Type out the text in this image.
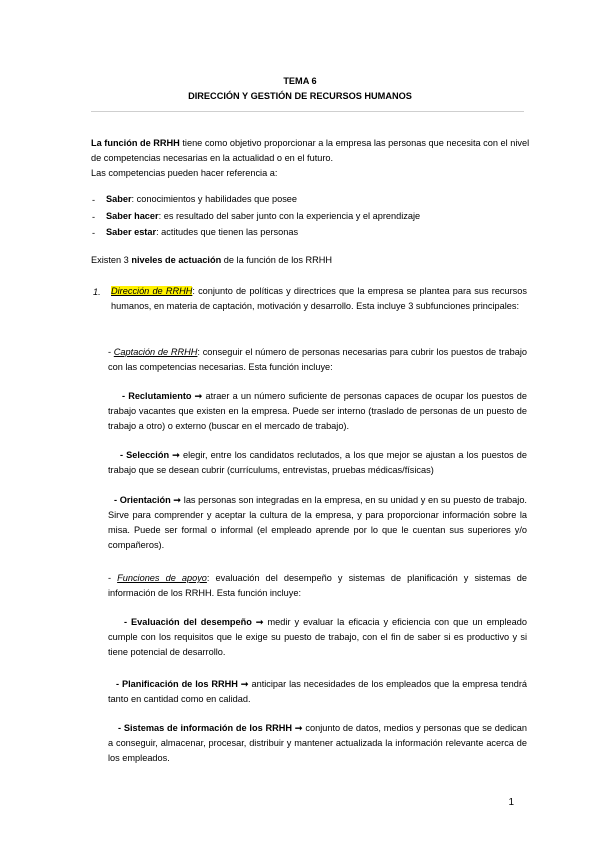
TEMA 6
DIRECCIÓN Y GESTIÓN DE RECURSOS HUMANOS
La función de RRHH tiene como objetivo proporcionar a la empresa las personas que necesita con el nivel de competencias necesarias en la actualidad o en el futuro.
Las competencias pueden hacer referencia a:
- Saber: conocimientos y habilidades que posee
- Saber hacer: es resultado del saber junto con la experiencia y el aprendizaje
- Saber estar: actitudes que tienen las personas
Existen 3 niveles de actuación de la función de los RRHH
1. Dirección de RRHH: conjunto de políticas y directrices que la empresa se plantea para sus recursos humanos, en materia de captación, motivación y desarrollo. Esta incluye 3 subfunciones principales:
- Captación de RRHH: conseguir el número de personas necesarias para cubrir los puestos de trabajo con las competencias necesarias. Esta función incluye:
- Reclutamiento ➞ atraer a un número suficiente de personas capaces de ocupar los puestos de trabajo vacantes que existen en la empresa. Puede ser interno (traslado de personas de un puesto de trabajo a otro) o externo (buscar en el mercado de trabajo).
- Selección ➞ elegir, entre los candidatos reclutados, a los que mejor se ajustan a los puestos de trabajo que se desean cubrir (currículums, entrevistas, pruebas médicas/físicas)
- Orientación ➞ las personas son integradas en la empresa, en su unidad y en su puesto de trabajo. Sirve para comprender y aceptar la cultura de la empresa, y para proporcionar información sobre la misa. Puede ser formal o informal (el empleado aprende por lo que le cuentan sus superiores y/o compañeros).
- Funciones de apoyo: evaluación del desempeño y sistemas de planificación y sistemas de información de los RRHH. Esta función incluye:
- Evaluación del desempeño ➞ medir y evaluar la eficacia y eficiencia con que un empleado cumple con los requisitos que le exige su puesto de trabajo, con el fin de saber si es productivo y si tiene potencial de desarrollo.
- Planificación de los RRHH ➞ anticipar las necesidades de los empleados que la empresa tendrá tanto en cantidad como en calidad.
- Sistemas de información de los RRHH ➞ conjunto de datos, medios y personas que se dedican a conseguir, almacenar, procesar, distribuir y mantener actualizada la información relevante acerca de los empleados.
1
